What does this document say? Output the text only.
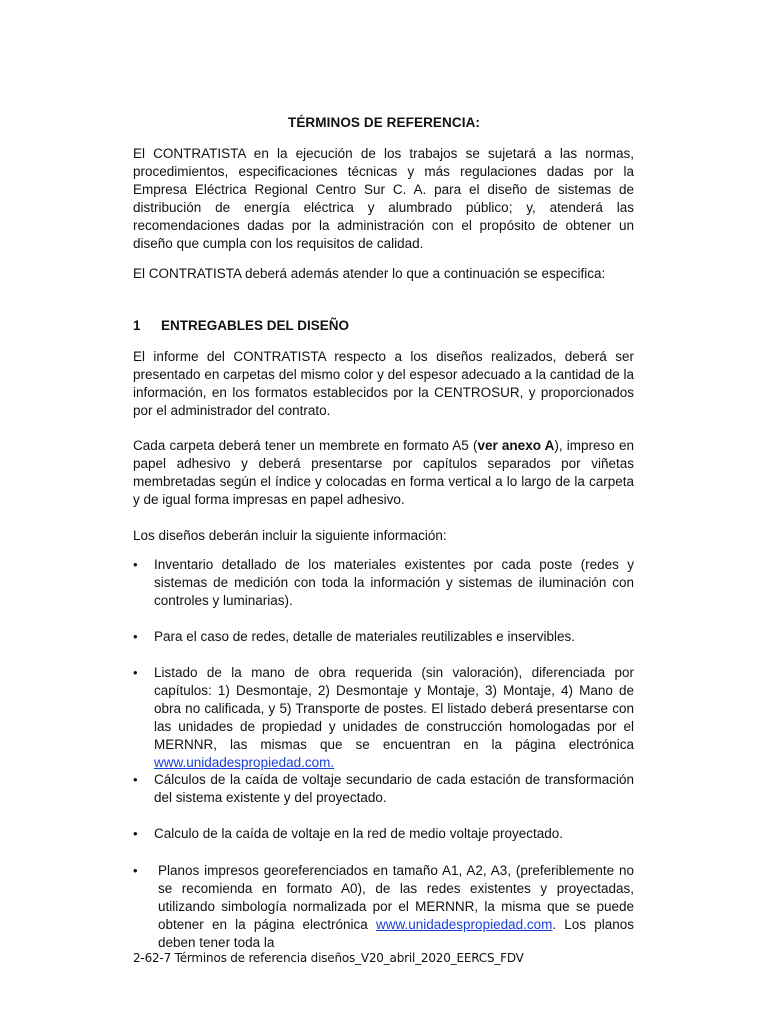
TÉRMINOS DE REFERENCIA:

El CONTRATISTA en la ejecución de los trabajos se sujetará a las normas, procedimientos, especificaciones técnicas y más regulaciones dadas por la Empresa Eléctrica Regional Centro Sur C. A. para el diseño de sistemas de distribución de energía eléctrica y alumbrado público; y, atenderá las recomendaciones dadas por la administración con el propósito de obtener un diseño que cumpla con los requisitos de calidad.

El CONTRATISTA deberá además atender lo que a continuación se especifica:

1 ENTREGABLES DEL DISEÑO

El informe del CONTRATISTA respecto a los diseños realizados, deberá ser presentado en carpetas del mismo color y del espesor adecuado a la cantidad de la información, en los formatos establecidos por la CENTROSUR, y proporcionados por el administrador del contrato.

Cada carpeta deberá tener un membrete en formato A5 (ver anexo A), impreso en papel adhesivo y deberá presentarse por capítulos separados por viñetas membretadas según el índice y colocadas en forma vertical a lo largo de la carpeta y de igual forma impresas en papel adhesivo.

Los diseños deberán incluir la siguiente información:

•	Inventario detallado de los materiales existentes por cada poste (redes y sistemas de medición con toda la información y sistemas de iluminación con controles y luminarias).

•	Para el caso de redes, detalle de materiales reutilizables e inservibles.

•	Listado de la mano de obra requerida (sin valoración), diferenciada por capítulos: 1) Desmontaje, 2) Desmontaje y Montaje, 3) Montaje, 4) Mano de obra no calificada, y 5) Transporte de postes. El listado deberá presentarse con las unidades de propiedad y unidades de construcción homologadas por el MERNNR, las mismas que se encuentran en la página electrónica www.unidadespropiedad.com.

•	Cálculos de la caída de voltaje secundario de cada estación de transformación del sistema existente y del proyectado.

•	Calculo de la caída de voltaje en la red de medio voltaje proyectado.

•	Planos impresos georeferenciados en tamaño A1, A2, A3, (preferiblemente no se recomienda en formato A0), de las redes existentes y proyectadas, utilizando simbología normalizada por el MERNNR, la misma que se puede obtener en la página electrónica www.unidadespropiedad.com. Los planos deben tener toda la

2-62-7 Términos de referencia diseños_V20_abril_2020_EERCS_FDV
